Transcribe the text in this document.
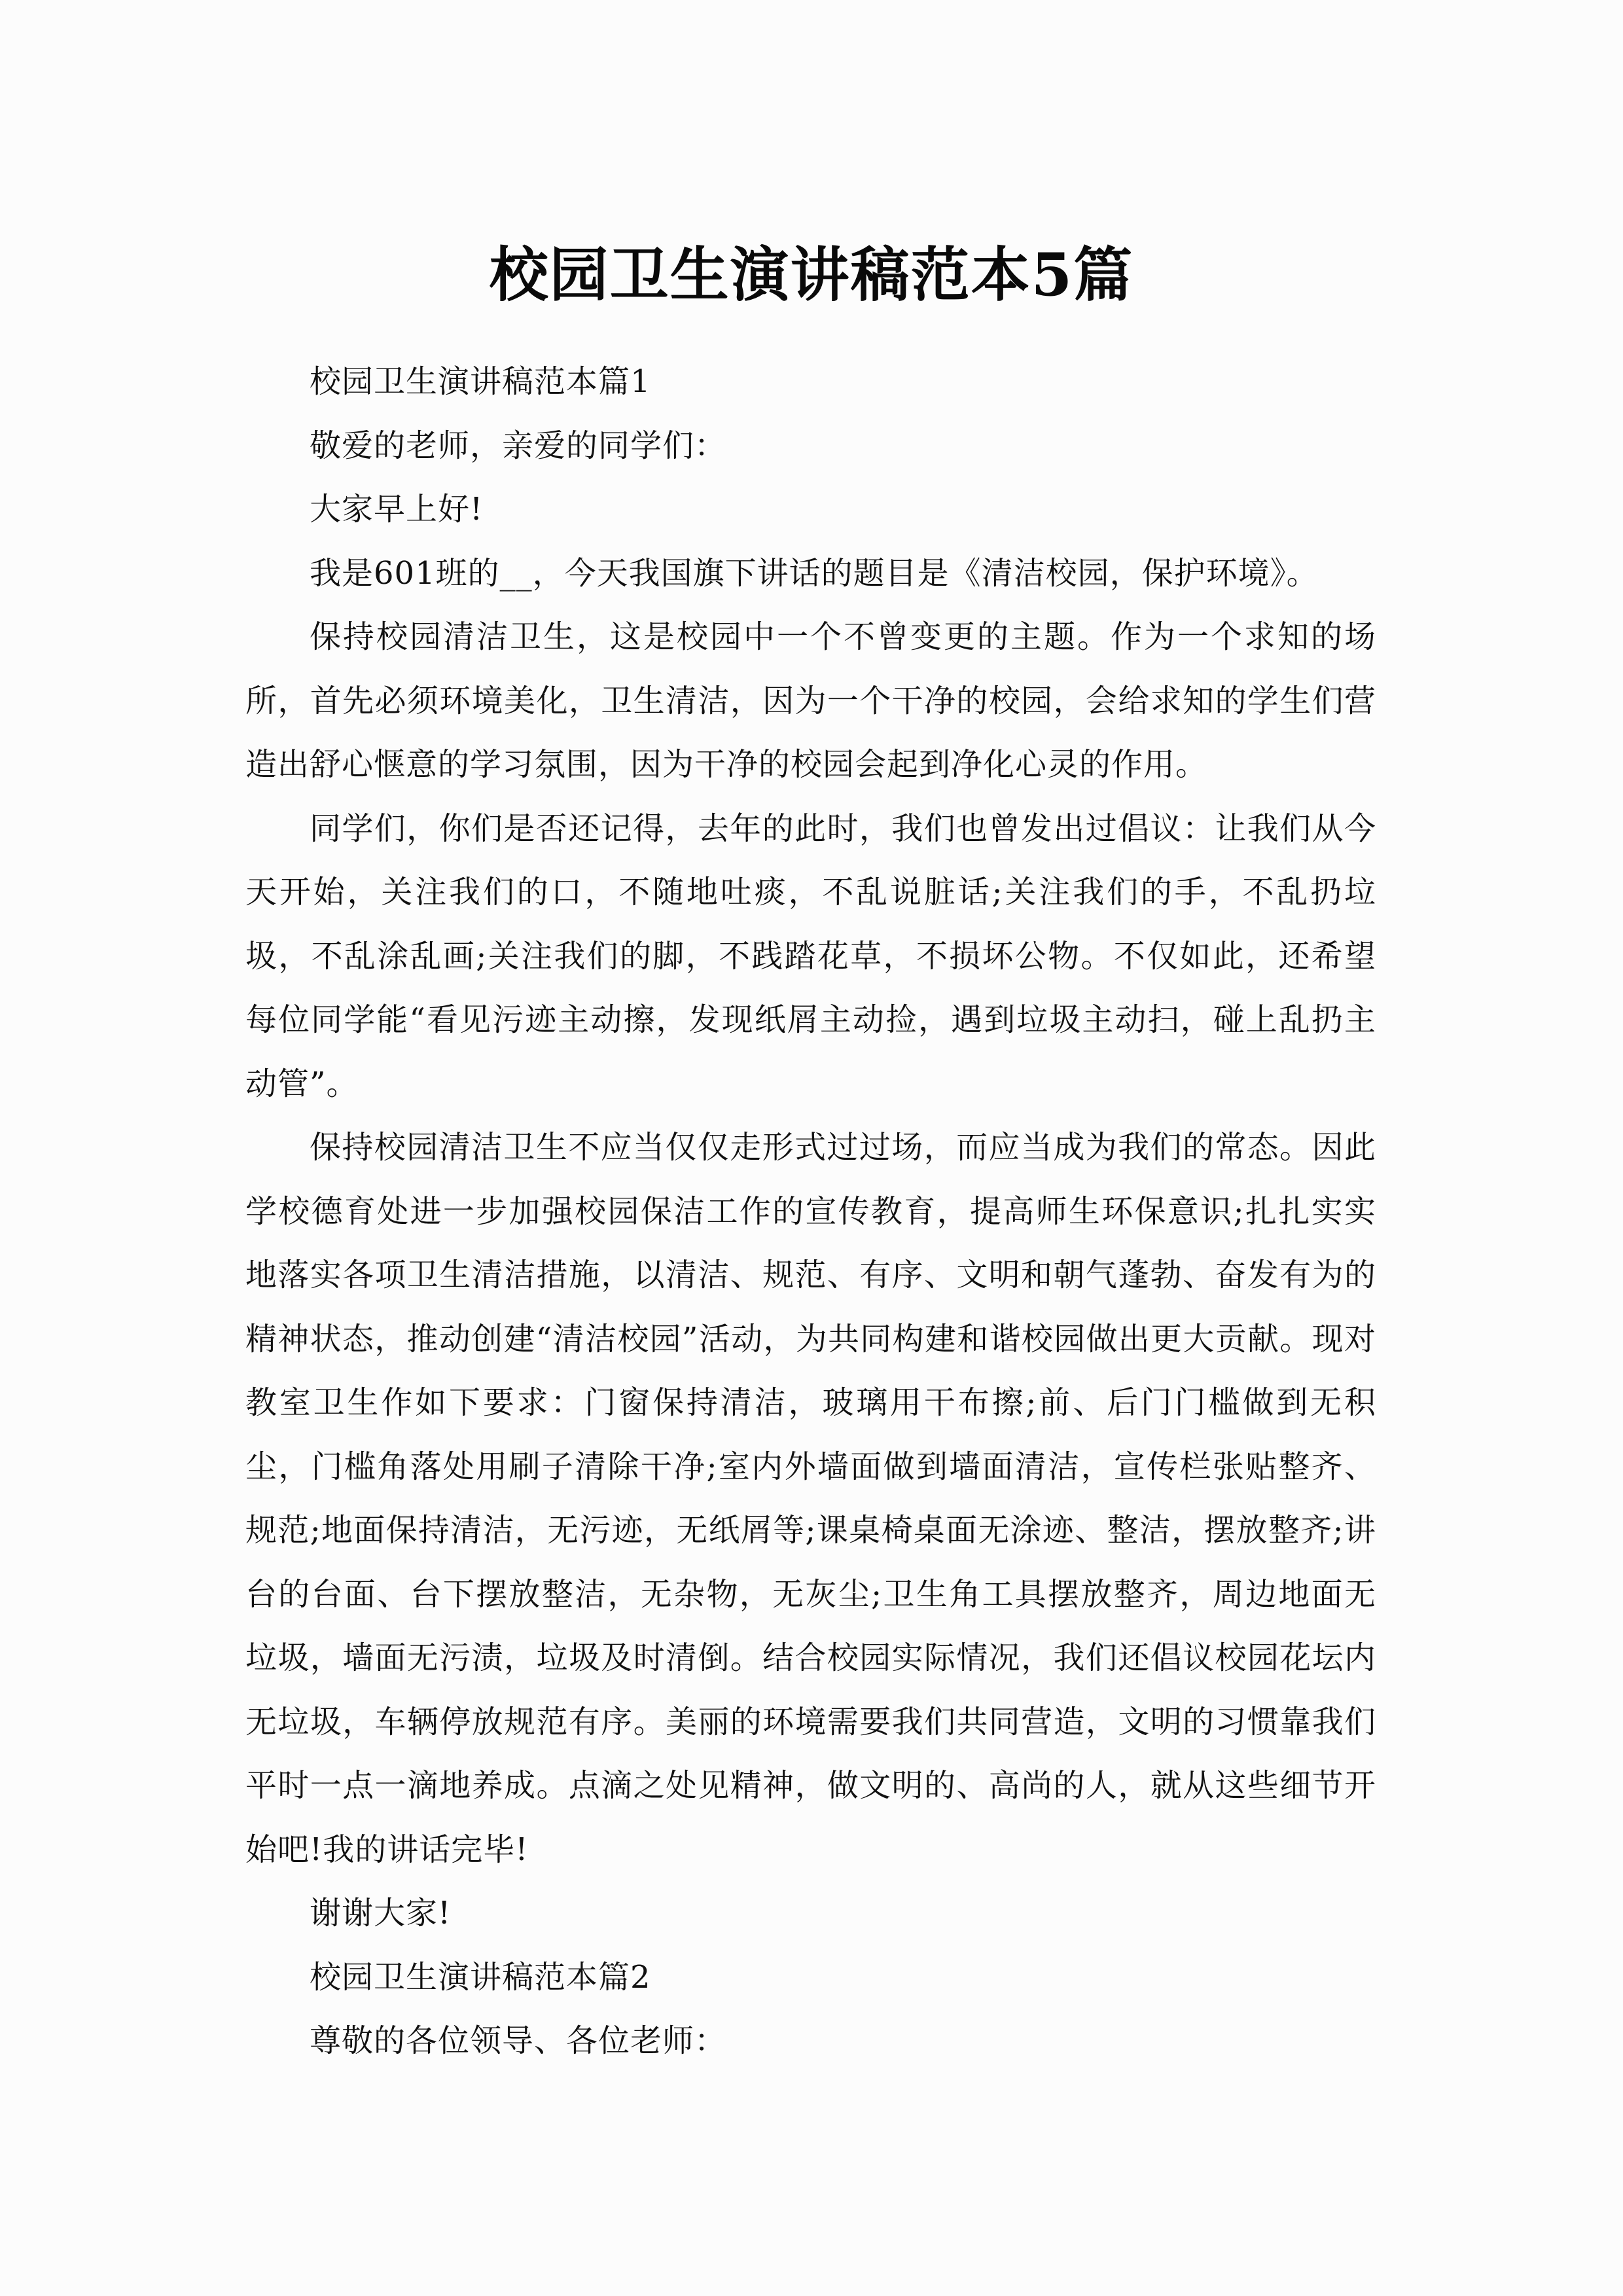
校园卫生演讲稿范本5篇

校园卫生演讲稿范本篇1

敬爱的老师，亲爱的同学们：

大家早上好!

我是601班的__，今天我国旗下讲话的题目是《清洁校园，保护环境》。

保持校园清洁卫生，这是校园中一个不曾变更的主题。作为一个求知的场所，首先必须环境美化，卫生清洁，因为一个干净的校园，会给求知的学生们营造出舒心惬意的学习氛围，因为干净的校园会起到净化心灵的作用。

同学们，你们是否还记得，去年的此时，我们也曾发出过倡议：让我们从今天开始，关注我们的口，不随地吐痰，不乱说脏话;关注我们的手，不乱扔垃圾，不乱涂乱画;关注我们的脚，不践踏花草，不损坏公物。不仅如此，还希望每位同学能“看见污迹主动擦，发现纸屑主动捡，遇到垃圾主动扫，碰上乱扔主动管”。

保持校园清洁卫生不应当仅仅走形式过过场，而应当成为我们的常态。因此学校德育处进一步加强校园保洁工作的宣传教育，提高师生环保意识;扎扎实实地落实各项卫生清洁措施，以清洁、规范、有序、文明和朝气蓬勃、奋发有为的精神状态，推动创建“清洁校园”活动，为共同构建和谐校园做出更大贡献。现对教室卫生作如下要求：门窗保持清洁，玻璃用干布擦;前、后门门槛做到无积尘，门槛角落处用刷子清除干净;室内外墙面做到墙面清洁，宣传栏张贴整齐、规范;地面保持清洁，无污迹，无纸屑等;课桌椅桌面无涂迹、整洁，摆放整齐;讲台的台面、台下摆放整洁，无杂物，无灰尘;卫生角工具摆放整齐，周边地面无垃圾，墙面无污渍，垃圾及时清倒。结合校园实际情况，我们还倡议校园花坛内无垃圾，车辆停放规范有序。美丽的环境需要我们共同营造，文明的习惯靠我们平时一点一滴地养成。点滴之处见精神，做文明的、高尚的人，就从这些细节开始吧!我的讲话完毕!

谢谢大家!

校园卫生演讲稿范本篇2

尊敬的各位领导、各位老师：
